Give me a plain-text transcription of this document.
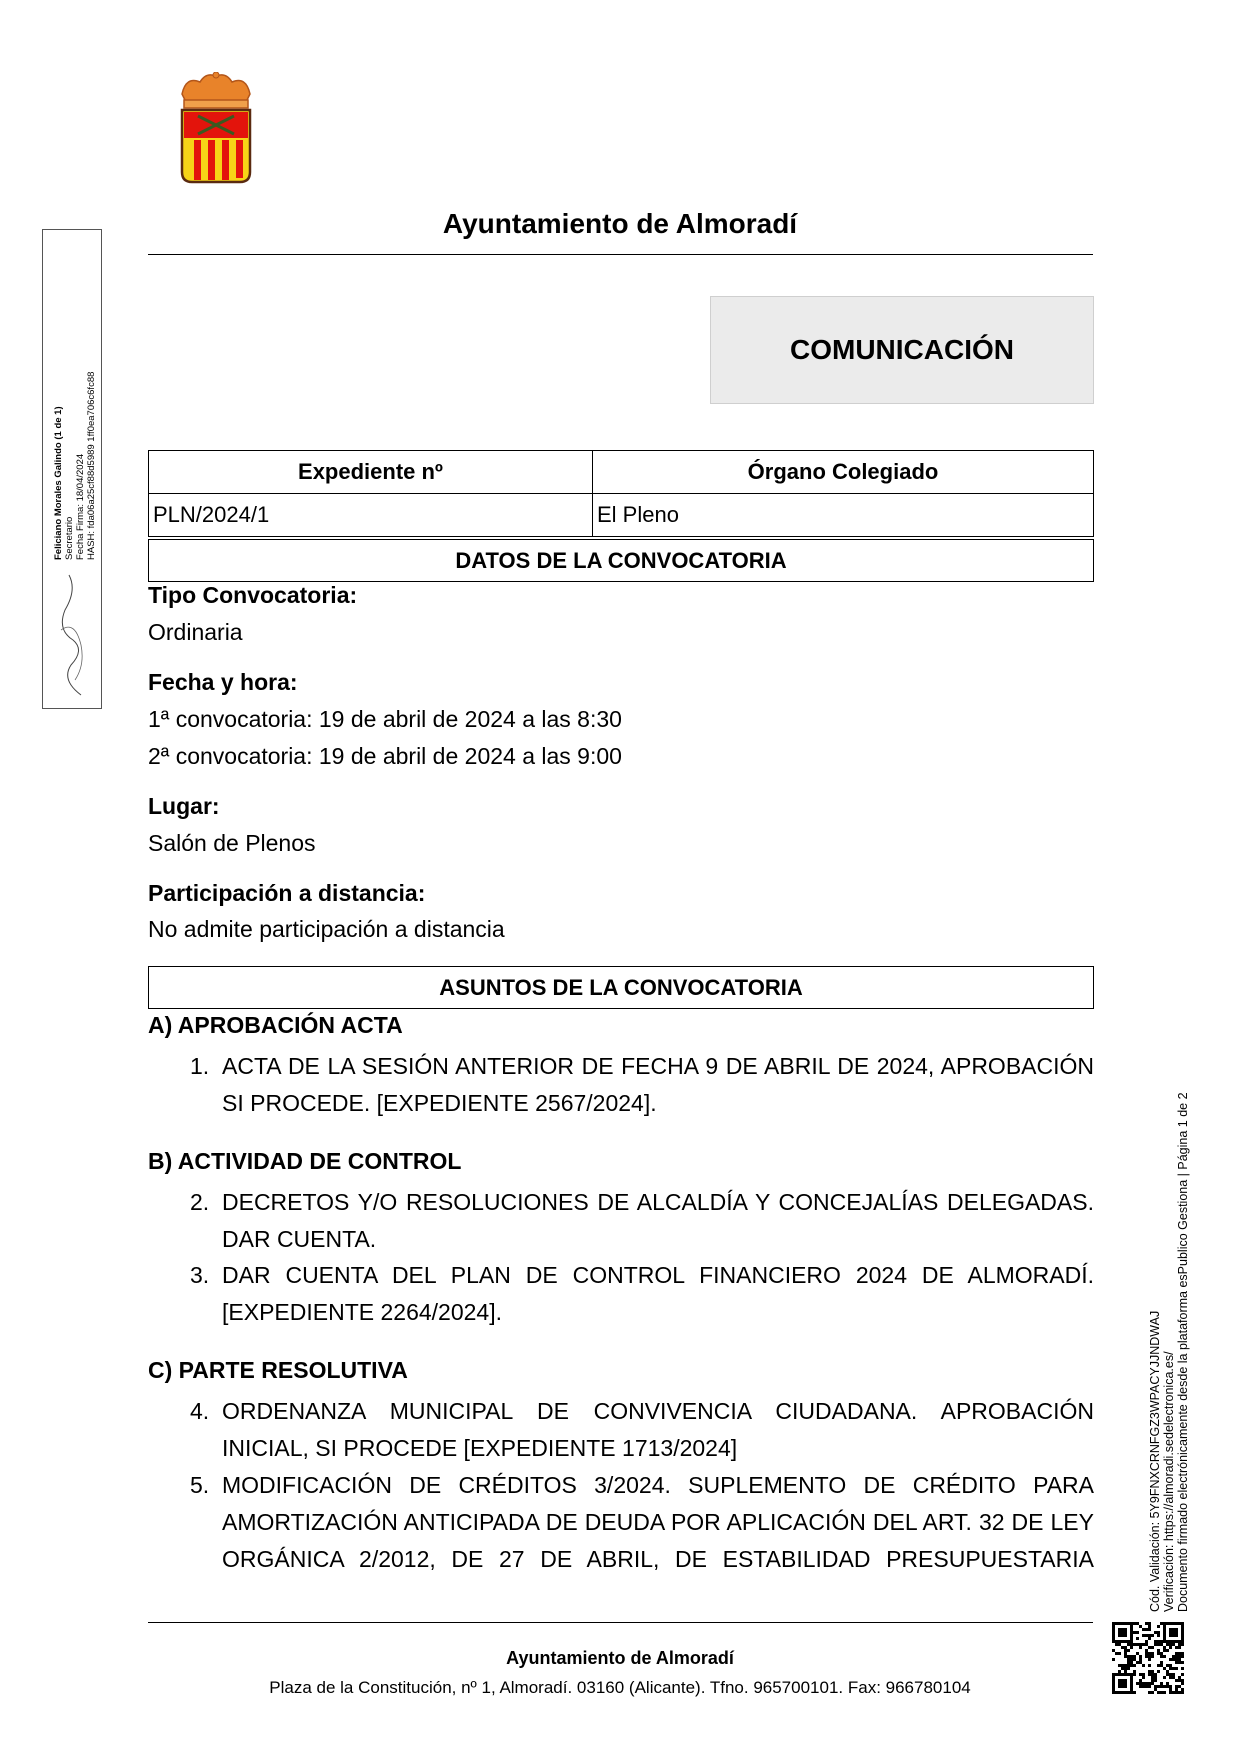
Ayuntamiento de Almoradí
COMUNICACIÓN
Expediente nº	Órgano Colegiado
PLN/2024/1	El Pleno
DATOS DE LA CONVOCATORIA
Tipo Convocatoria:
Ordinaria
Fecha y hora:
1ª convocatoria: 19 de abril de 2024 a las 8:30
2ª convocatoria: 19 de abril de 2024 a las 9:00
Lugar:
Salón de Plenos
Participación a distancia:
No admite participación a distancia
ASUNTOS DE LA CONVOCATORIA
A) APROBACIÓN ACTA
1. ACTA DE LA SESIÓN ANTERIOR DE FECHA 9 DE ABRIL DE 2024, APROBACIÓN SI PROCEDE. [EXPEDIENTE 2567/2024].
B) ACTIVIDAD DE CONTROL
2. DECRETOS Y/O RESOLUCIONES DE ALCALDÍA Y CONCEJALÍAS DELEGADAS. DAR CUENTA.
3. DAR CUENTA DEL PLAN DE CONTROL FINANCIERO 2024 DE ALMORADÍ. [EXPEDIENTE 2264/2024].
C) PARTE RESOLUTIVA
4. ORDENANZA MUNICIPAL DE CONVIVENCIA CIUDADANA. APROBACIÓN INICIAL, SI PROCEDE [EXPEDIENTE 1713/2024]
5. MODIFICACIÓN DE CRÉDITOS 3/2024. SUPLEMENTO DE CRÉDITO PARA AMORTIZACIÓN ANTICIPADA DE DEUDA POR APLICACIÓN DEL ART. 32 DE LEY ORGÁNICA 2/2012, DE 27 DE ABRIL, DE ESTABILIDAD PRESUPUESTARIA
Ayuntamiento de Almoradí
Plaza de la Constitución, nº 1, Almoradí. 03160 (Alicante). Tfno. 965700101. Fax: 966780104
Feliciano Morales Galindo (1 de 1) Secretario Fecha Firma: 18/04/2024 HASH: fda06a25cf88d5989 1ff0ea706c6fc88
Cód. Validación: 5Y9FNXCRNFGZ3WPACYJJNDWAJ Verificación: https://almoradi.sedelectronica.es/ Documento firmado electrónicamente desde la plataforma esPublico Gestiona | Página 1 de 2
